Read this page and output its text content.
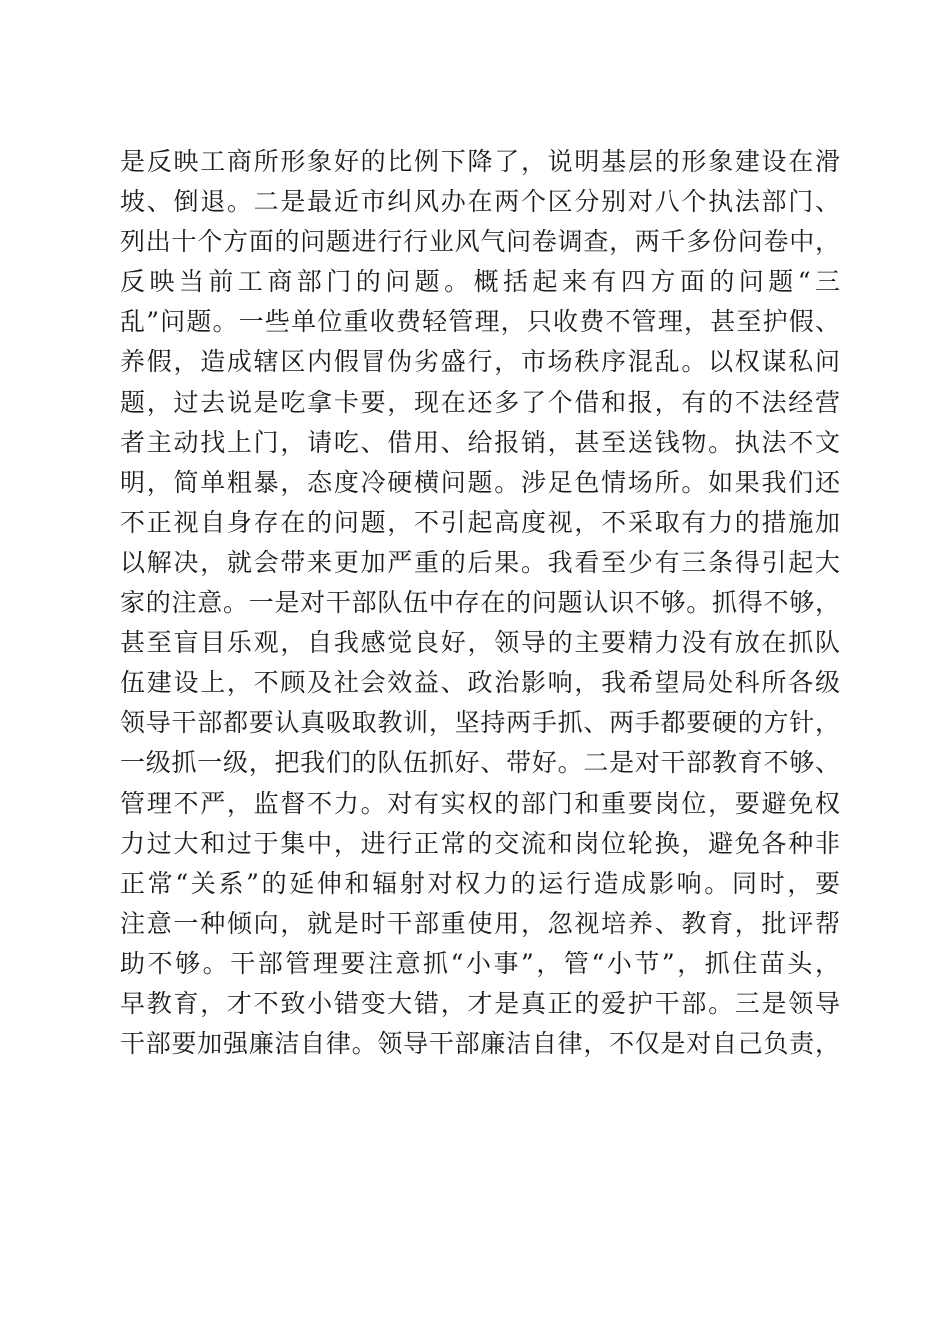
是反映工商所形象好的比例下降了，说明基层的形象建设在滑
坡、倒退。二是最近市纠风办在两个区分别对八个执法部门、
列出十个方面的问题进行行业风气问卷调查，两千多份问卷中，
反映当前工商部门的问题。概括起来有四方面的问题“三
乱”问题。一些单位重收费轻管理，只收费不管理，甚至护假、
养假，造成辖区内假冒伪劣盛行，市场秩序混乱。以权谋私问
题，过去说是吃拿卡要，现在还多了个借和报，有的不法经营
者主动找上门，请吃、借用、给报销，甚至送钱物。执法不文
明，简单粗暴，态度冷硬横问题。涉足色情场所。如果我们还
不正视自身存在的问题，不引起高度视，不采取有力的措施加
以解决，就会带来更加严重的后果。我看至少有三条得引起大
家的注意。一是对干部队伍中存在的问题认识不够。抓得不够，
甚至盲目乐观，自我感觉良好，领导的主要精力没有放在抓队
伍建设上，不顾及社会效益、政治影响，我希望局处科所各级
领导干部都要认真吸取教训，坚持两手抓、两手都要硬的方针，
一级抓一级，把我们的队伍抓好、带好。二是对干部教育不够、
管理不严，监督不力。对有实权的部门和重要岗位，要避免权
力过大和过于集中，进行正常的交流和岗位轮换，避免各种非
正常“关系”的延伸和辐射对权力的运行造成影响。同时，要
注意一种倾向，就是时干部重使用，忽视培养、教育，批评帮
助不够。干部管理要注意抓“小事”，管“小节”，抓住苗头，
早教育，才不致小错变大错，才是真正的爱护干部。三是领导
干部要加强廉洁自律。领导干部廉洁自律，不仅是对自己负责，
